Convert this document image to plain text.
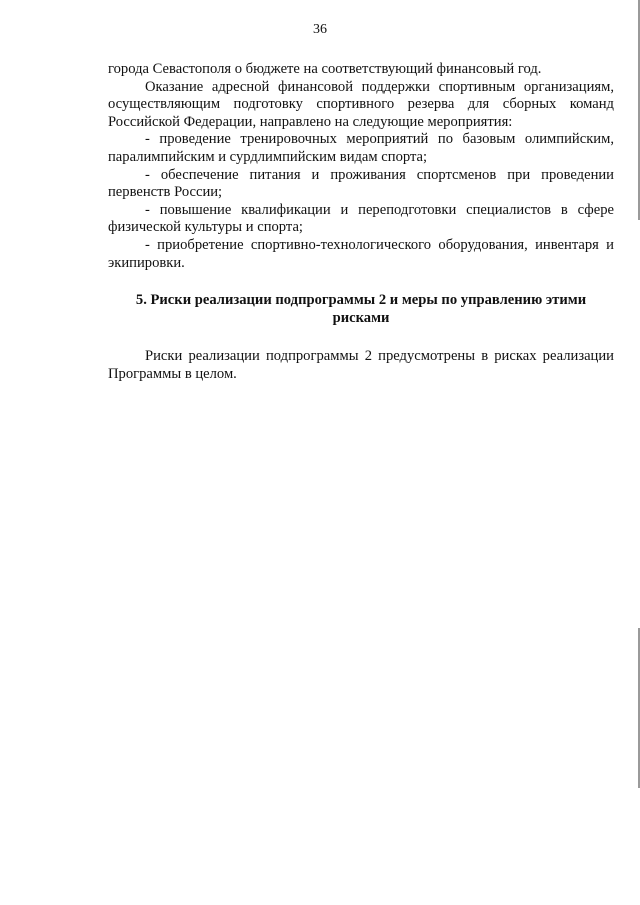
36

города Севастополя о бюджете на соответствующий финансовый год.

Оказание адресной финансовой поддержки спортивным организациям, осуществляющим подготовку спортивного резерва для сборных команд Российской Федерации, направлено на следующие мероприятия:

- проведение тренировочных мероприятий по базовым олимпийским, паралимпийским и сурдлимпийским видам спорта;

- обеспечение питания и проживания спортсменов при проведении первенств России;

- повышение квалификации и переподготовки специалистов в сфере физической культуры и спорта;

- приобретение спортивно-технологического оборудования, инвентаря и экипировки.

5. Риски реализации подпрограммы 2 и меры по управлению этими рисками

Риски реализации подпрограммы 2 предусмотрены в рисках реализации Программы в целом.
